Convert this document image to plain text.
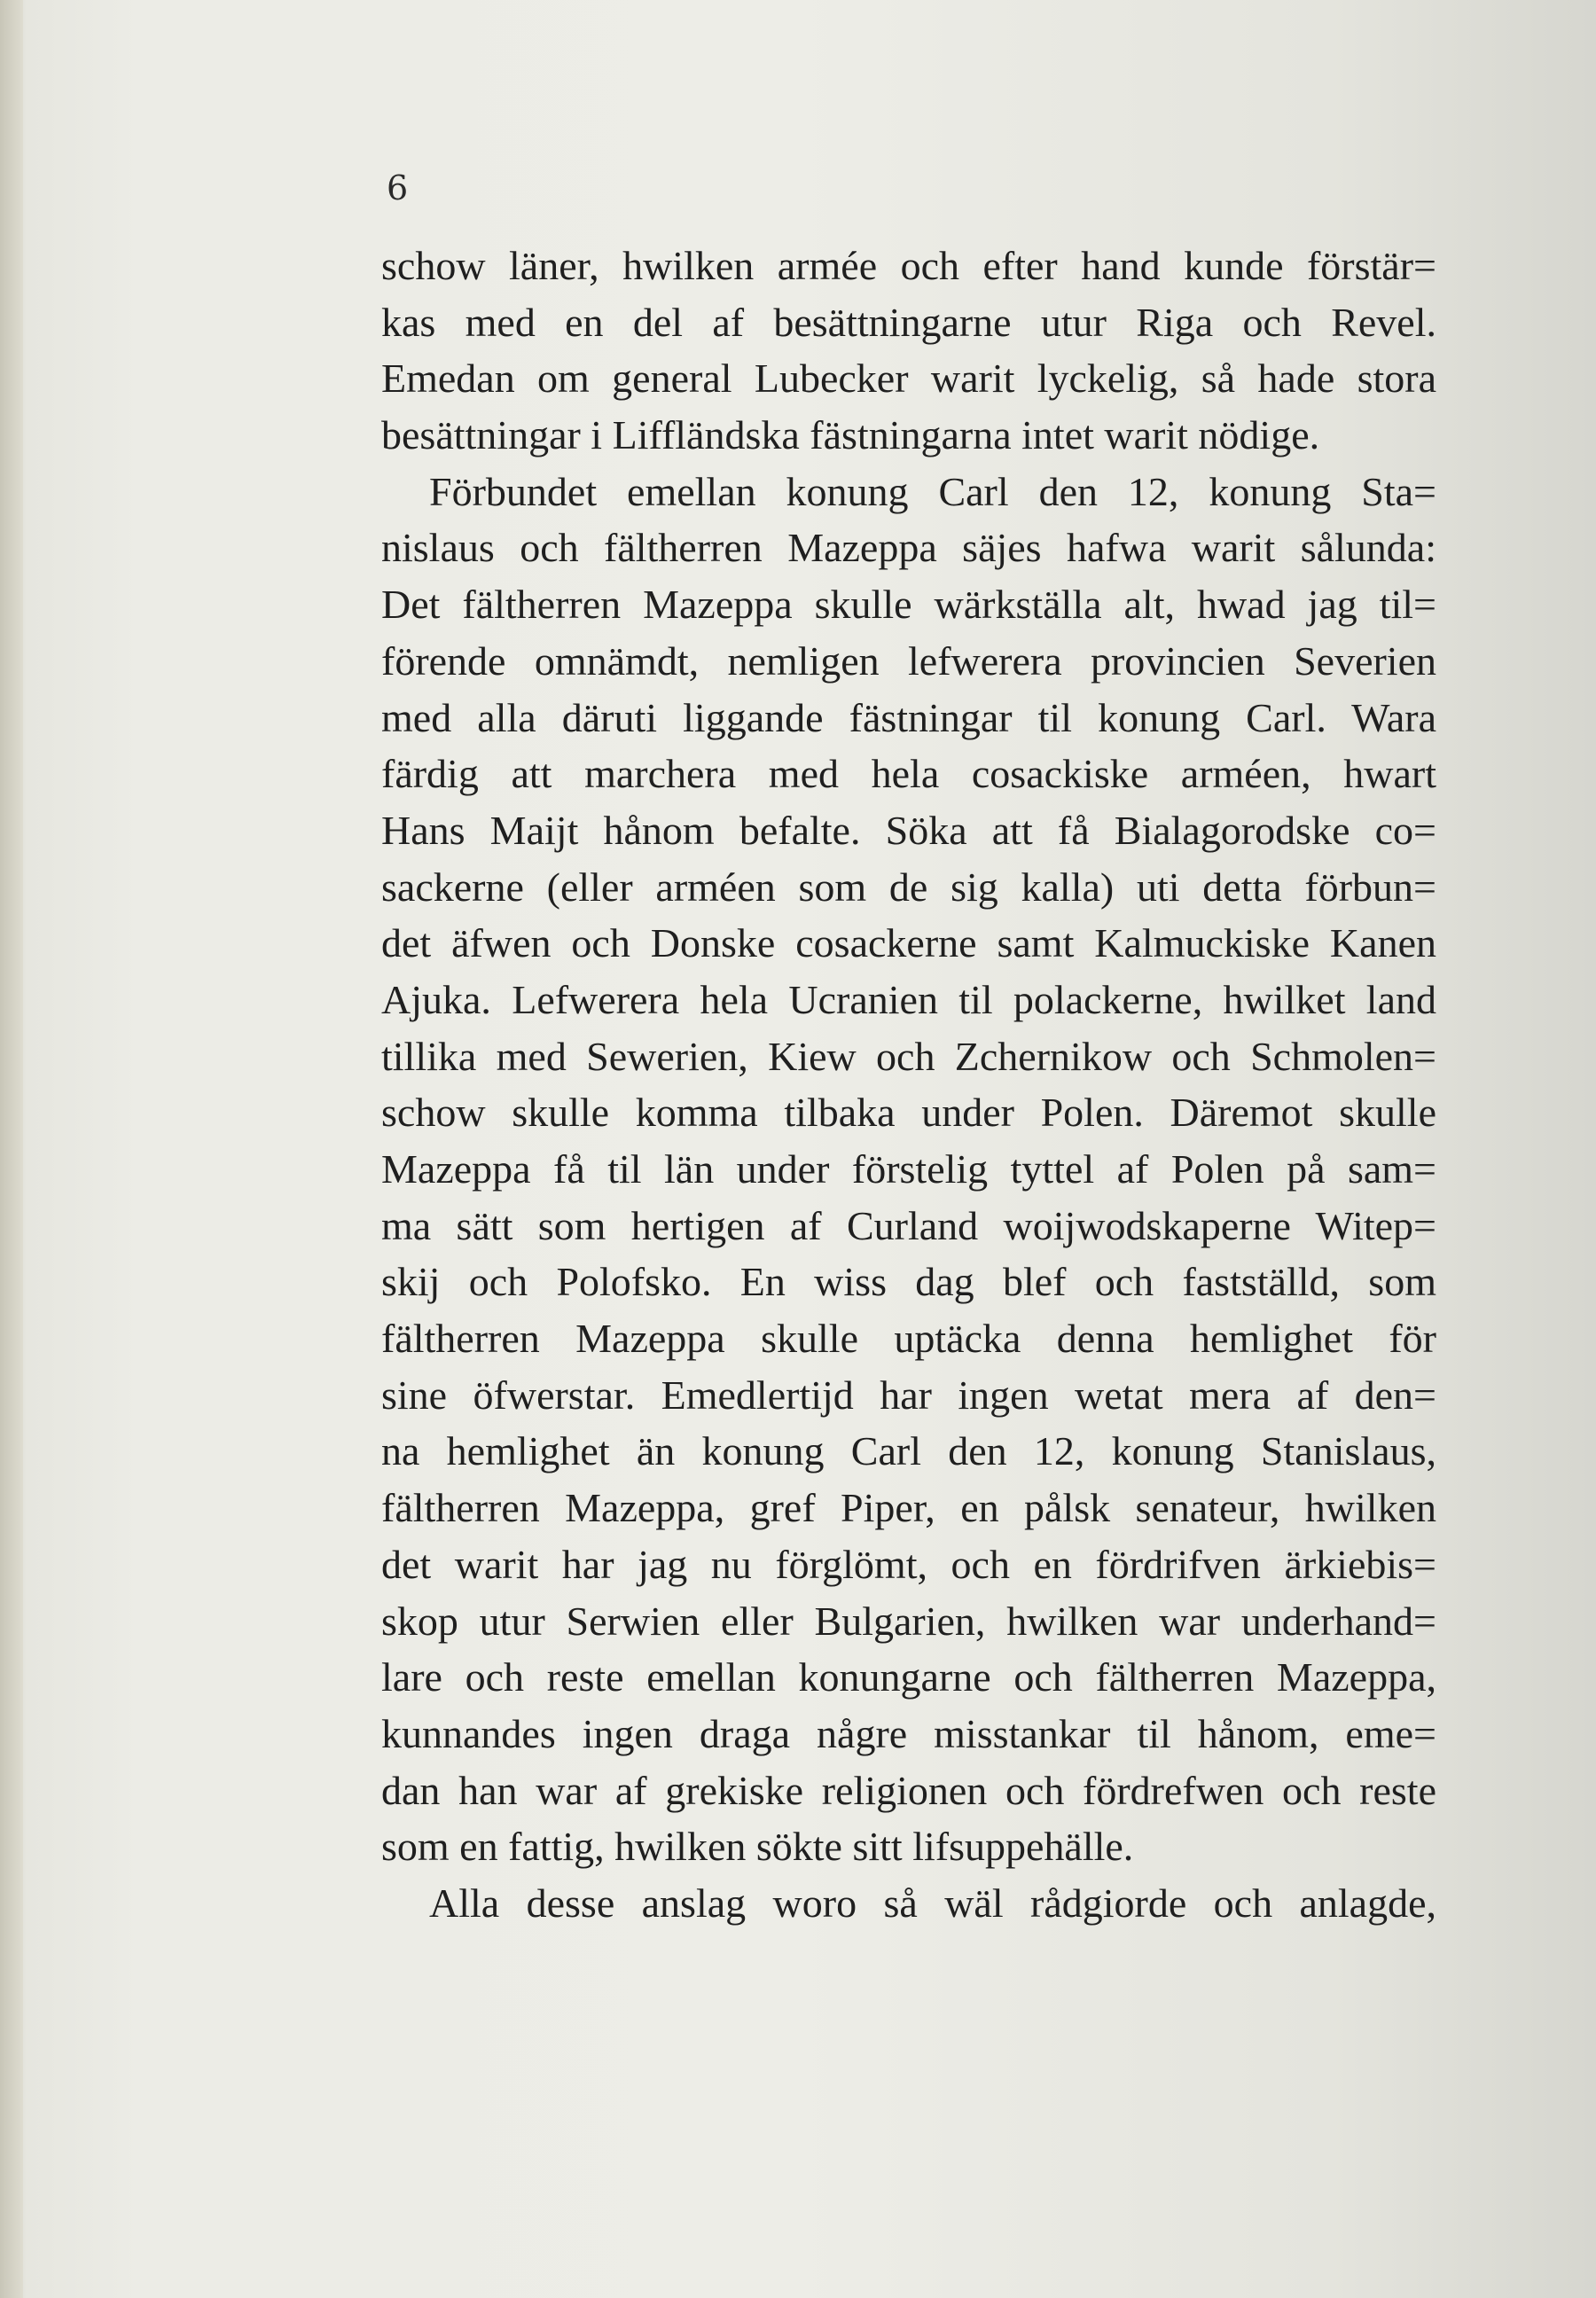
6
schow läner, hwilken armée och efter hand kunde förstär=
kas med en del af besättningarne utur Riga och Revel.
Emedan om general Lubecker warit lyckelig, så hade stora
besättningar i Liffländska fästningarna intet warit nödige.
Förbundet emellan konung Carl den 12, konung Sta=
nislaus och fältherren Mazeppa säjes hafwa warit sålunda:
Det fältherren Mazeppa skulle wärkställa alt, hwad jag til=
förende omnämdt, nemligen lefwerera provincien Severien
med alla däruti liggande fästningar til konung Carl. Wara
färdig att marchera med hela cosackiske arméen, hwart
Hans Maijt hånom befalte. Söka att få Bialagorodske co=
sackerne (eller arméen som de sig kalla) uti detta förbun=
det äfwen och Donske cosackerne samt Kalmuckiske Kanen
Ajuka. Lefwerera hela Ucranien til polackerne, hwilket land
tillika med Sewerien, Kiew och Zchernikow och Schmolen=
schow skulle komma tilbaka under Polen. Däremot skulle
Mazeppa få til län under förstelig tyttel af Polen på sam=
ma sätt som hertigen af Curland woijwodskaperne Witep=
skij och Polofsko. En wiss dag blef och fastställd, som
fältherren Mazeppa skulle uptäcka denna hemlighet för
sine öfwerstar. Emedlertijd har ingen wetat mera af den=
na hemlighet än konung Carl den 12, konung Stanislaus,
fältherren Mazeppa, gref Piper, en pålsk senateur, hwilken
det warit har jag nu förglömt, och en fördrifven ärkiebis=
skop utur Serwien eller Bulgarien, hwilken war underhand=
lare och reste emellan konungarne och fältherren Mazeppa,
kunnandes ingen draga någre misstankar til hånom, eme=
dan han war af grekiske religionen och fördrefwen och reste
som en fattig, hwilken sökte sitt lifsuppehälle.
Alla desse anslag woro så wäl rådgiorde och anlagde,
